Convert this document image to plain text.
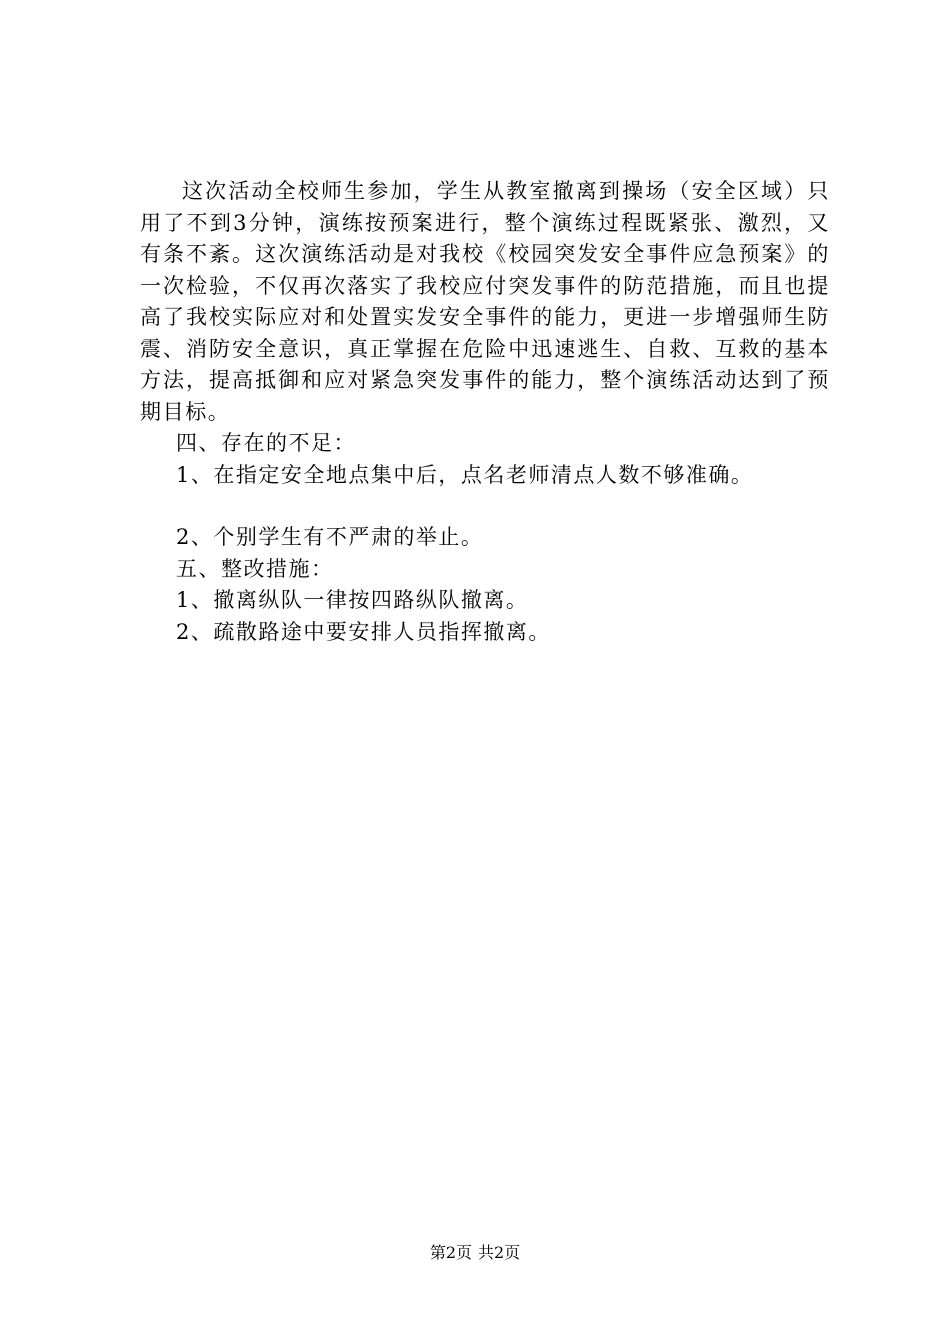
这次活动全校师生参加，学生从教室撤离到操场（安全区域）只用了不到3分钟，演练按预案进行，整个演练过程既紧张、激烈，又有条不紊。这次演练活动是对我校《校园突发安全事件应急预案》的一次检验，不仅再次落实了我校应付突发事件的防范措施，而且也提高了我校实际应对和处置实发安全事件的能力，更进一步增强师生防震、消防安全意识，真正掌握在危险中迅速逃生、自救、互救的基本方法，提高抵御和应对紧急突发事件的能力，整个演练活动达到了预期目标。

四、存在的不足：

1、在指定安全地点集中后，点名老师清点人数不够准确。

2、个别学生有不严肃的举止。

五、整改措施：

1、撤离纵队一律按四路纵队撤离。

2、疏散路途中要安排人员指挥撤离。

第2页 共2页
